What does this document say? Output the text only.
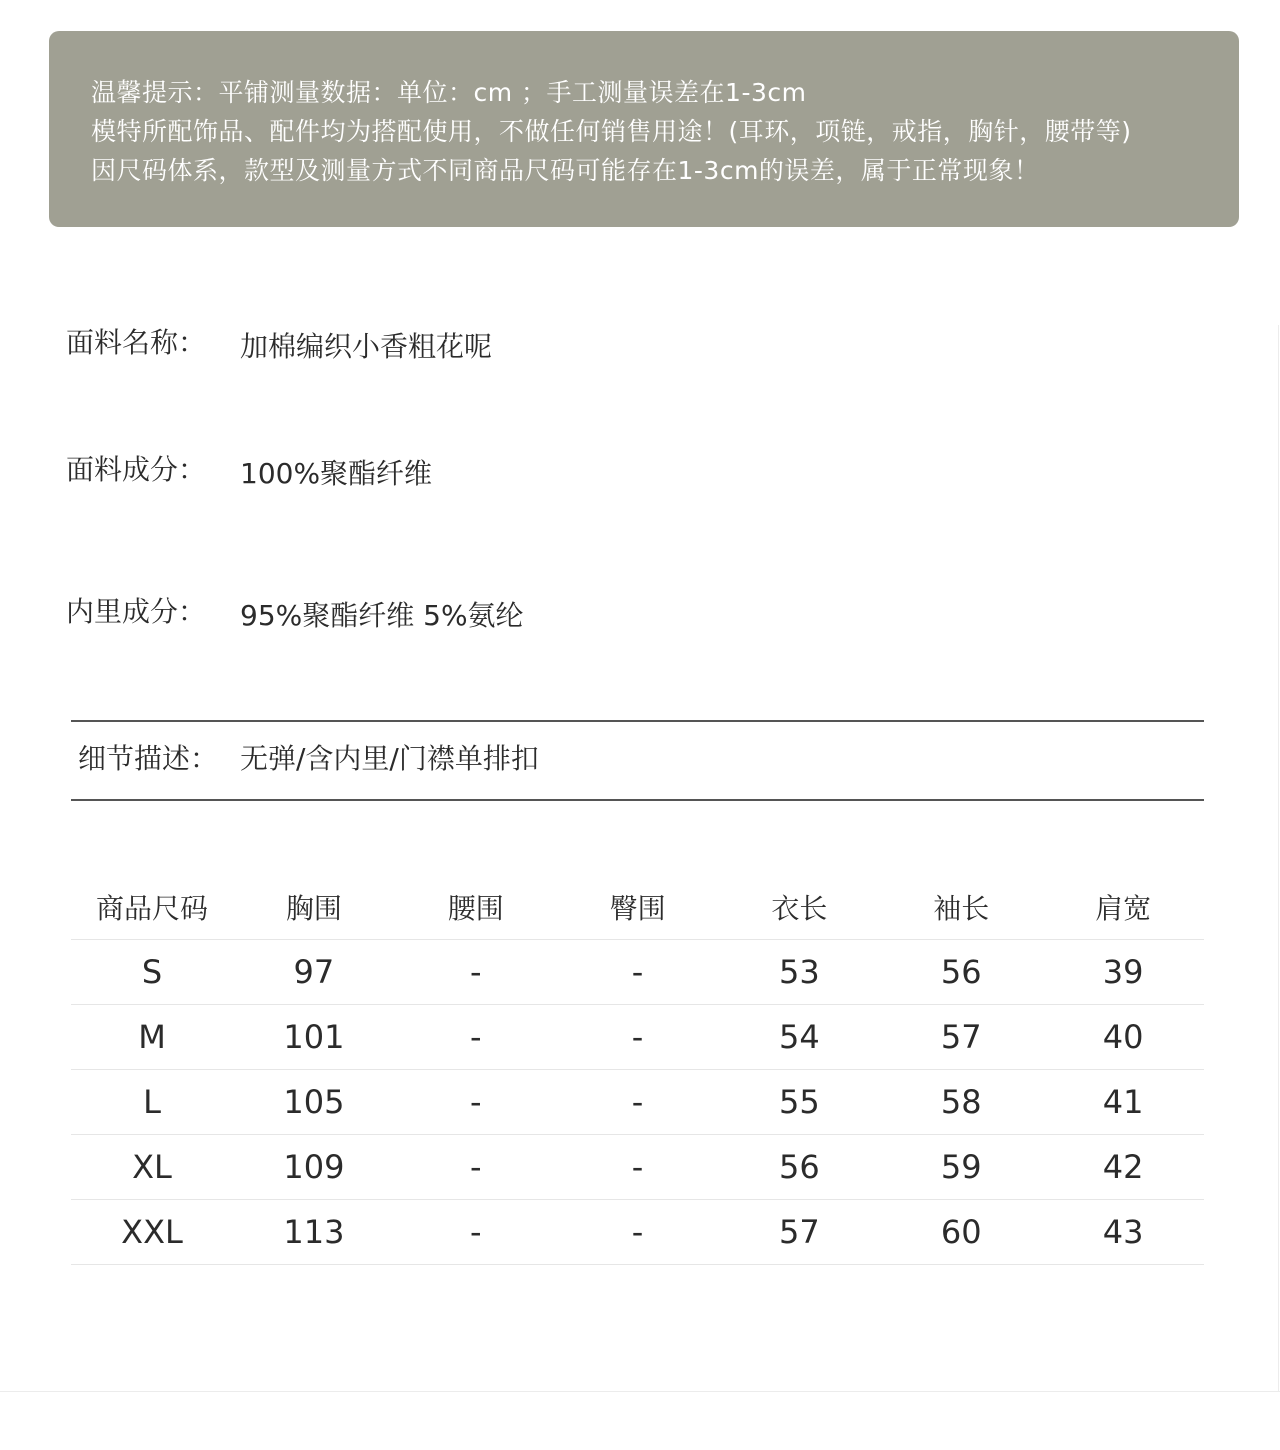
温馨提示：平铺测量数据：单位：cm ；手工测量误差在1-3cm
模特所配饰品、配件均为搭配使用，不做任何销售用途！(耳环，项链，戒指，胸针，腰带等)
因尺码体系，款型及测量方式不同商品尺码可能存在1-3cm的误差，属于正常现象！
面料名称： 加棉编织小香粗花呢
面料成分： 100%聚酯纤维
内里成分： 95%聚酯纤维 5%氨纶
细节描述： 无弹/含内里/门襟单排扣
商品尺码	胸围	腰围	臀围	衣长	袖长	肩宽
S	97	-	-	53	56	39
M	101	-	-	54	57	40
L	105	-	-	55	58	41
XL	109	-	-	56	59	42
XXL	113	-	-	57	60	43
